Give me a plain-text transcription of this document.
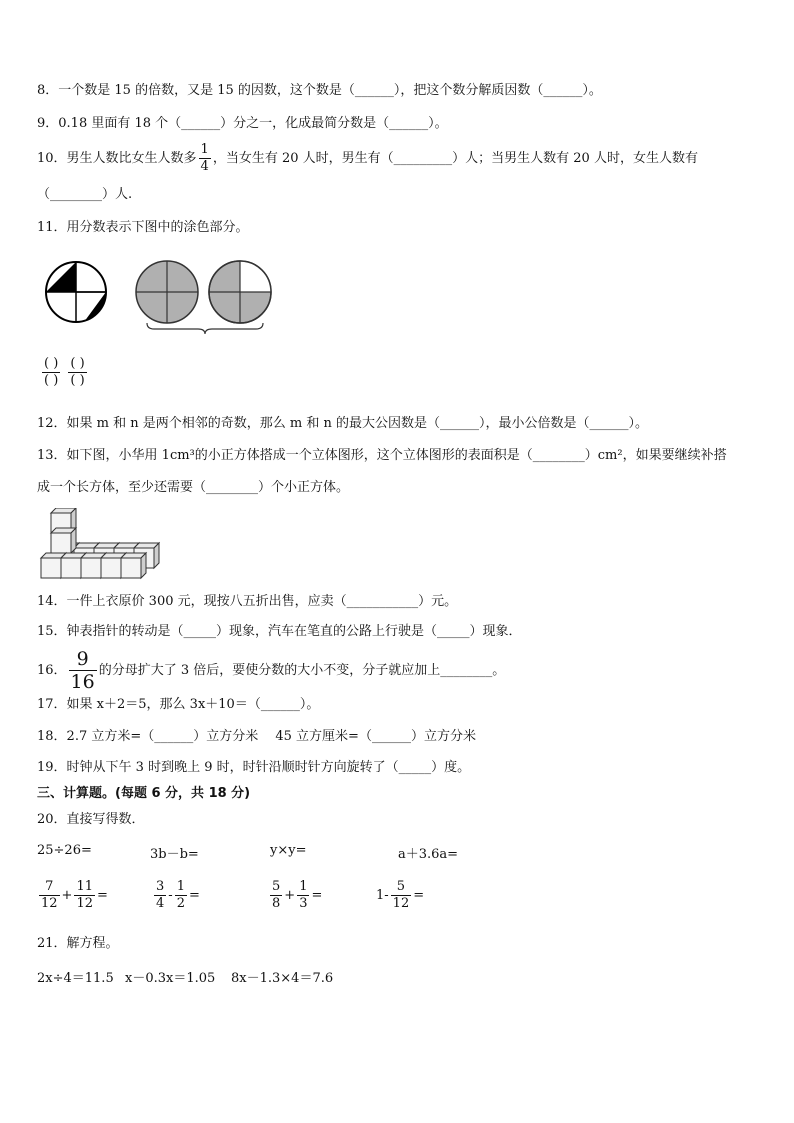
8．一个数是 15 的倍数，又是 15 的因数，这个数是（______），把这个数分解质因数（______）。
9．0.18 里面有 18 个（______）分之一，化成最简分数是（______）。
10．男生人数比女生人数多 $\frac{1}{4}$ ，当女生有 20 人时，男生有（_________）人；当男生人数有 20 人时，女生人数有
（________）人.
11．用分数表示下图中的涂色部分。
$\frac{( )}{( )}$
$\frac{( )}{( )}$
12．如果 m 和 n 是两个相邻的奇数，那么 m 和 n 的最大公因数是（______），最小公倍数是（______）。
13．如下图，小华用 1cm³的小正方体搭成一个立体图形，这个立体图形的表面积是（________）cm²，如果要继续补搭
成一个长方体，至少还需要（________）个小正方体。
14．一件上衣原价 300 元，现按八五折出售，应卖（___________）元。
15．钟表指针的转动是（_____）现象，汽车在笔直的公路上行驶是（_____）现象．
16． $\frac{9}{16}$ 的分母扩大了 3 倍后，要使分数的大小不变，分子就应加上________。
17．如果 x＋2＝5，那么 3x＋10＝（______）。
18．2.7 立方米=（______）立方分米　 45 立方厘米=（______）立方分米
19．时钟从下午 3 时到晚上 9 时，时针沿顺时针方向旋转了（_____）度。
三、计算题。(每题 6 分，共 18 分)
20．直接写得数．
25÷26=	3b－b=	y×y=	a＋3.6a=
$\frac{7}{12} + \frac{11}{12}$ =	$\frac{3}{4} - \frac{1}{2}$ =	$\frac{5}{8} + \frac{1}{3}$ =	$1- \frac{5}{12}$ =
21．解方程。
2x÷4＝11.5 x－0.3x＝1.05 8x－1.3×4＝7.6
